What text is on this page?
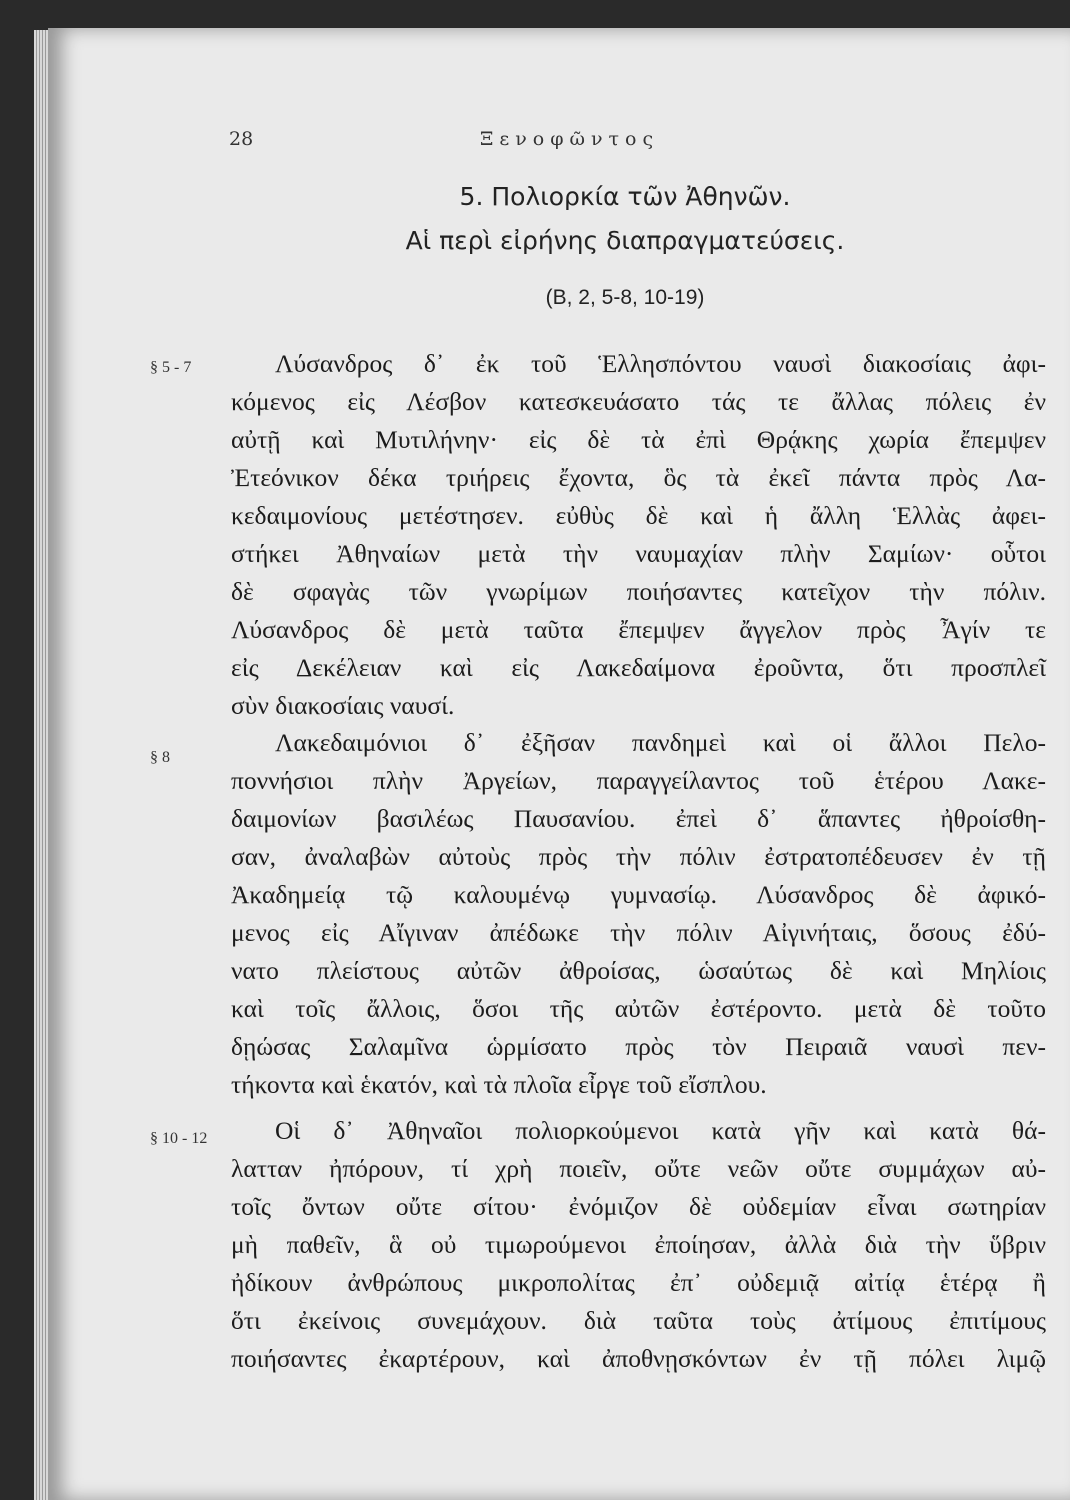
28	Ξενοφῶντος
5. Πολιορκία τῶν Ἀθηνῶν.
Αἱ περὶ εἰρήνης διαπραγματεύσεις.
(Β, 2, 5-8, 10-19)
§ 5 - 7	Λύσανδρος δ᾽ ἐκ τοῦ Ἑλλησπόντου ναυσὶ διακοσίαις ἀφι-
κόμενος εἰς Λέσβον κατεσκευάσατο τάς τε ἄλλας πόλεις ἐν
αὐτῇ καὶ Μυτιλήνην· εἰς δὲ τὰ ἐπὶ Θρᾴκης χωρία ἔπεμψεν
Ἐτεόνικον δέκα τριήρεις ἔχοντα, ὃς τὰ ἐκεῖ πάντα πρὸς Λα-
κεδαιμονίους μετέστησεν. εὐθὺς δὲ καὶ ἡ ἄλλη Ἑλλὰς ἀφει-
στήκει Ἀθηναίων μετὰ τὴν ναυμαχίαν πλὴν Σαμίων· οὗτοι
δὲ σφαγὰς τῶν γνωρίμων ποιήσαντες κατεῖχον τὴν πόλιν.
Λύσανδρος δὲ μετὰ ταῦτα ἔπεμψεν ἄγγελον πρὸς Ἆγίν τε
εἰς Δεκέλειαν καὶ εἰς Λακεδαίμονα ἐροῦντα, ὅτι προσπλεῖ
σὺν διακοσίαις ναυσί.
§ 8
Λακεδαιμόνιοι δ᾽ ἐξῆσαν πανδημεὶ καὶ οἱ ἄλλοι Πελο-
ποννήσιοι πλὴν Ἀργείων, παραγγείλαντος τοῦ ἑτέρου Λακε-
δαιμονίων βασιλέως Παυσανίου. ἐπεὶ δ᾽ ἅπαντες ἠθροίσθη-
σαν, ἀναλαβὼν αὐτοὺς πρὸς τὴν πόλιν ἐστρατοπέδευσεν ἐν τῇ
Ἀκαδημείᾳ τῷ καλουμένῳ γυμνασίῳ. Λύσανδρος δὲ ἀφικό-
μενος εἰς Αἴγιναν ἀπέδωκε τὴν πόλιν Αἰγινήταις, ὅσους ἐδύ-
νατο πλείστους αὐτῶν ἀθροίσας, ὡσαύτως δὲ καὶ Μηλίοις
καὶ τοῖς ἄλλοις, ὅσοι τῆς αὐτῶν ἐστέροντο. μετὰ δὲ τοῦτο
δῃώσας Σαλαμῖνα ὡρμίσατο πρὸς τὸν Πειραιᾶ ναυσὶ πεν-
τήκοντα καὶ ἑκατόν, καὶ τὰ πλοῖα εἶργε τοῦ εἴσπλου.
§ 10 - 12	Οἱ δ᾽ Ἀθηναῖοι πολιορκούμενοι κατὰ γῆν καὶ κατὰ θά-
λατταν ἠπόρουν, τί χρὴ ποιεῖν, οὔτε νεῶν οὔτε συμμάχων αὐ-
τοῖς ὄντων οὔτε σίτου· ἐνόμιζον δὲ οὐδεμίαν εἶναι σωτηρίαν
μὴ παθεῖν, ἃ οὐ τιμωρούμενοι ἐποίησαν, ἀλλὰ διὰ τὴν ὕβριν
ἠδίκουν ἀνθρώπους μικροπολίτας ἐπ᾽ οὐδεμιᾷ αἰτίᾳ ἑτέρᾳ ἢ
ὅτι ἐκείνοις συνεμάχουν. διὰ ταῦτα τοὺς ἀτίμους ἐπιτίμους
ποιήσαντες ἐκαρτέρουν, καὶ ἀποθνῃσκόντων ἐν τῇ πόλει λιμῷ
